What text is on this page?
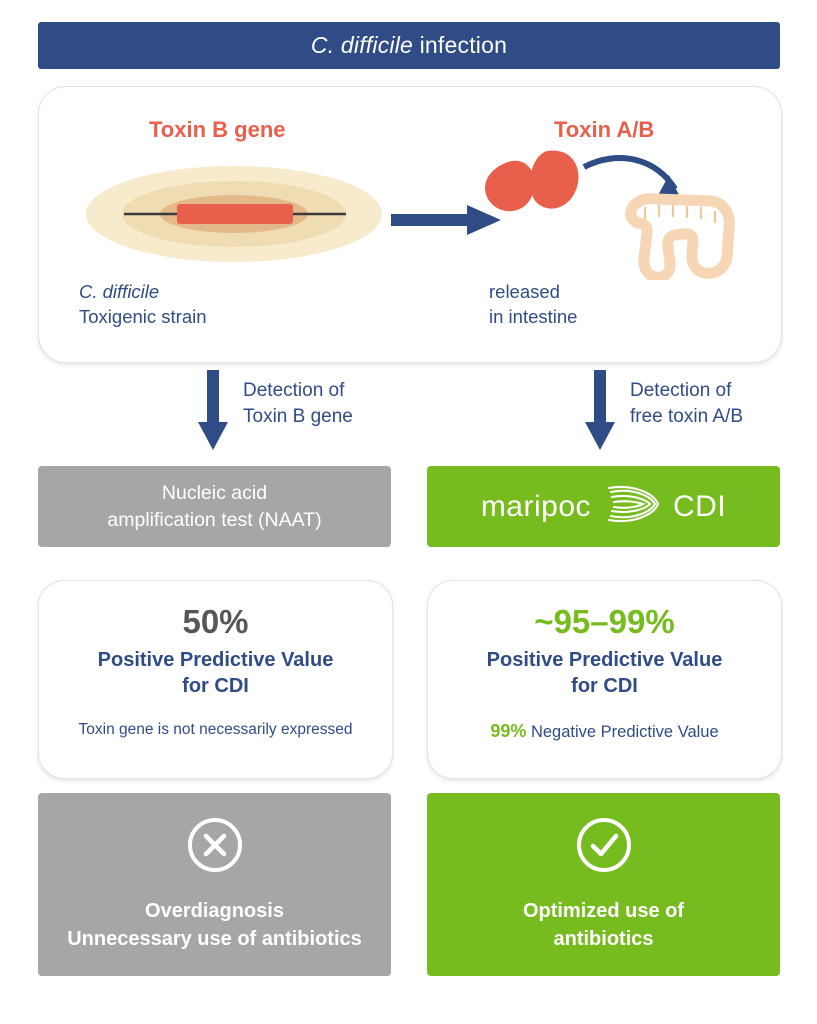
C. difficile infection
Toxin B gene	Toxin A/B
C. difficile
Toxigenic strain
released
in intestine
Detection of
Toxin B gene
Detection of
free toxin A/B
Nucleic acid
amplification test (NAAT)	maripoc	CDI
50%
Positive Predictive Value
for CDI
Toxin gene is not necessarily expressed
~95–99%
Positive Predictive Value
for CDI
99% Negative Predictive Value
Overdiagnosis
Unnecessary use of antibiotics
Optimized use of
antibiotics
